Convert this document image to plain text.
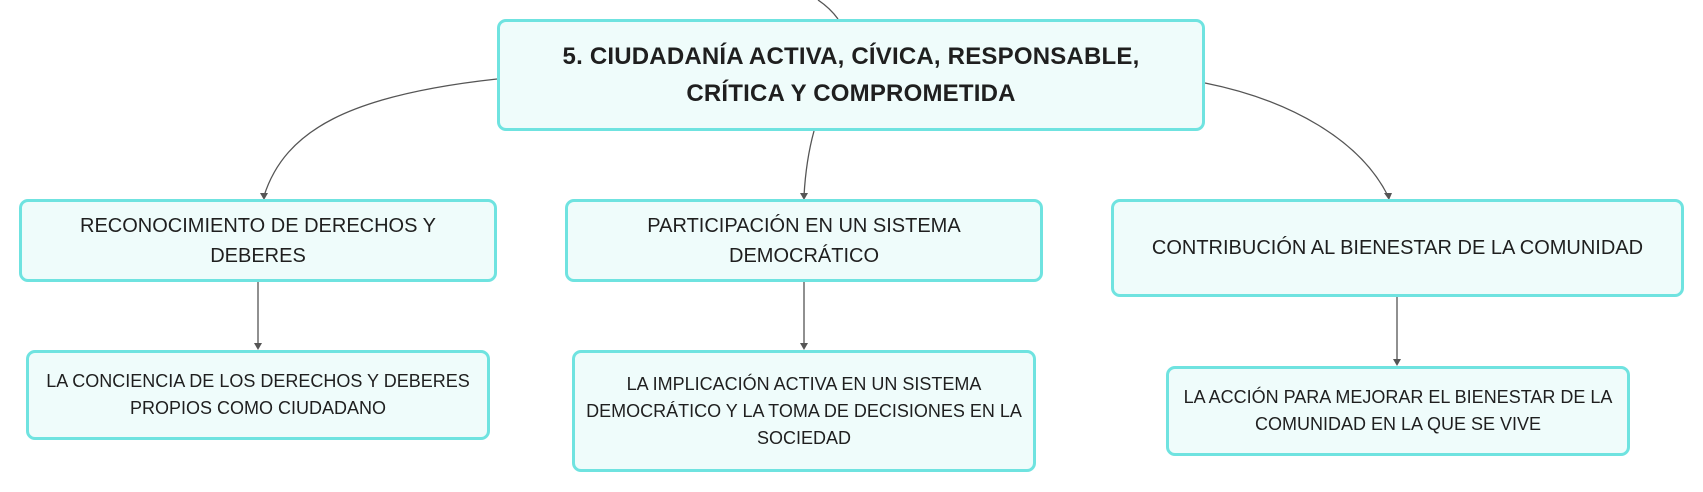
5. CIUDADANÍA ACTIVA, CÍVICA, RESPONSABLE, CRÍTICA Y COMPROMETIDA
RECONOCIMIENTO DE DERECHOS Y DEBERES
PARTICIPACIÓN EN UN SISTEMA DEMOCRÁTICO	CONTRIBUCIÓN AL BIENESTAR DE LA COMUNIDAD
LA CONCIENCIA DE LOS DERECHOS Y DEBERES PROPIOS COMO CIUDADANO
LA IMPLICACIÓN ACTIVA EN UN SISTEMA DEMOCRÁTICO Y LA TOMA DE DECISIONES EN LA SOCIEDAD
LA ACCIÓN PARA MEJORAR EL BIENESTAR DE LA COMUNIDAD EN LA QUE SE VIVE
